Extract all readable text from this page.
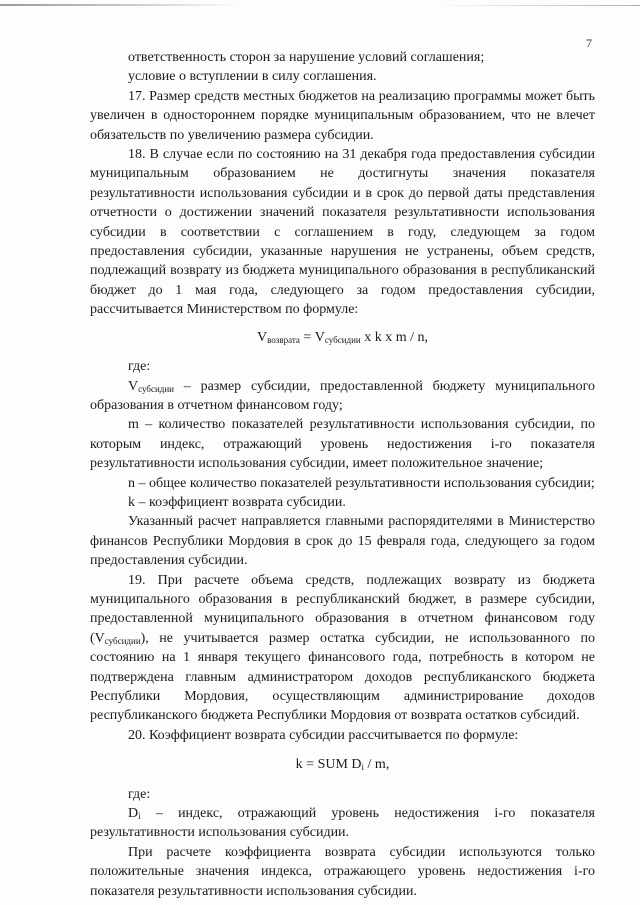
7

ответственность сторон за нарушение условий соглашения;

условие о вступлении в силу соглашения.

17. Размер средств местных бюджетов на реализацию программы может быть увеличен в одностороннем порядке муниципальным образованием, что не влечет обязательств по увеличению размера субсидии.

18. В случае если по состоянию на 31 декабря года предоставления субсидии муниципальным образованием не достигнуты значения показателя результативности использования субсидии и в срок до первой даты представления отчетности о достижении значений показателя результативности использования субсидии в соответствии с соглашением в году, следующем за годом предоставления субсидии, указанные нарушения не устранены, объем средств, подлежащий возврату из бюджета муниципального образования в республиканский бюджет до 1 мая года, следующего за годом предоставления субсидии, рассчитывается Министерством по формуле:

$V_{возврата} = V_{субсидии}$ x k x m / n,

где:

$V_{субсидии}$ – размер субсидии, предоставленной бюджету муниципального образования в отчетном финансовом году;

m – количество показателей результативности использования субсидии, по которым индекс, отражающий уровень недостижения i-го показателя результативности использования субсидии, имеет положительное значение;

n – общее количество показателей результативности использования субсидии;

k – коэффициент возврата субсидии.

Указанный расчет направляется главными распорядителями в Министерство финансов Республики Мордовия в срок до 15 февраля года, следующего за годом предоставления субсидии.

19. При расчете объема средств, подлежащих возврату из бюджета муниципального образования в республиканский бюджет, в размере субсидии, предоставленной муниципального образования в отчетном финансовом году $(V_{субсидии})$, не учитывается размер остатка субсидии, не использованного по состоянию на 1 января текущего финансового года, потребность в котором не подтверждена главным администратором доходов республиканского бюджета Республики Мордовия, осуществляющим администрирование доходов республиканского бюджета Республики Мордовия от возврата остатков субсидий.

20. Коэффициент возврата субсидии рассчитывается по формуле:

k = SUM $D_i$ / m,

где:

$D_i$ – индекс, отражающий уровень недостижения i-го показателя результативности использования субсидии.

При расчете коэффициента возврата субсидии используются только положительные значения индекса, отражающего уровень недостижения i-го показателя результативности использования субсидии.
